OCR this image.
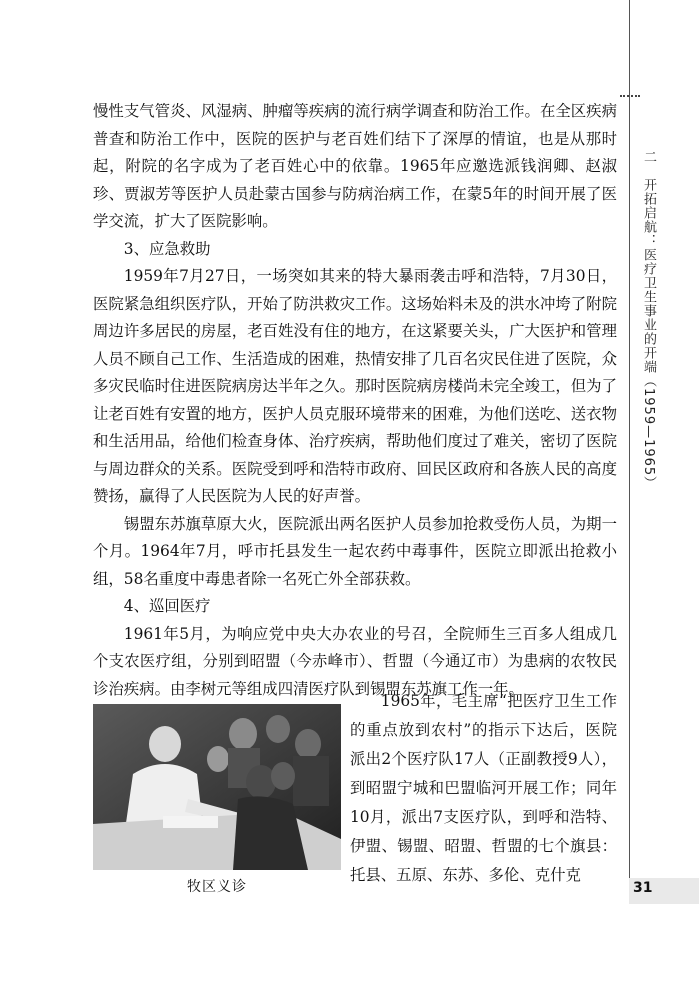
二　开拓启航：医疗卫生事业的开端（1959—1965）
31

慢性支气管炎、风湿病、肿瘤等疾病的流行病学调查和防治工作。在全区疾病普查和防治工作中，医院的医护与老百姓们结下了深厚的情谊，也是从那时起，附院的名字成为了老百姓心中的依靠。1965年应邀选派钱润卿、赵淑珍、贾淑芳等医护人员赴蒙古国参与防病治病工作，在蒙5年的时间开展了医学交流，扩大了医院影响。

3、应急救助

1959年7月27日，一场突如其来的特大暴雨袭击呼和浩特，7月30日，医院紧急组织医疗队，开始了防洪救灾工作。这场始料未及的洪水冲垮了附院周边许多居民的房屋，老百姓没有住的地方，在这紧要关头，广大医护和管理人员不顾自己工作、生活造成的困难，热情安排了几百名灾民住进了医院，众多灾民临时住进医院病房达半年之久。那时医院病房楼尚未完全竣工，但为了让老百姓有安置的地方，医护人员克服环境带来的困难，为他们送吃、送衣物和生活用品，给他们检查身体、治疗疾病，帮助他们度过了难关，密切了医院与周边群众的关系。医院受到呼和浩特市政府、回民区政府和各族人民的高度赞扬，赢得了人民医院为人民的好声誉。

锡盟东苏旗草原大火，医院派出两名医护人员参加抢救受伤人员，为期一个月。1964年7月，呼市托县发生一起农药中毒事件，医院立即派出抢救小组，58名重度中毒患者除一名死亡外全部获救。

4、巡回医疗

1961年5月，为响应党中央大办农业的号召，全院师生三百多人组成几个支农医疗组，分别到昭盟（今赤峰市）、哲盟（今通辽市）为患病的农牧民诊治疾病。由李树元等组成四清医疗队到锡盟东苏旗工作一年。

牧区义诊

1965年，毛主席“把医疗卫生工作的重点放到农村”的指示下达后，医院派出2个医疗队17人（正副教授9人），到昭盟宁城和巴盟临河开展工作；同年10月，派出7支医疗队，到呼和浩特、伊盟、锡盟、昭盟、哲盟的七个旗县：托县、五原、东苏、多伦、克什克
